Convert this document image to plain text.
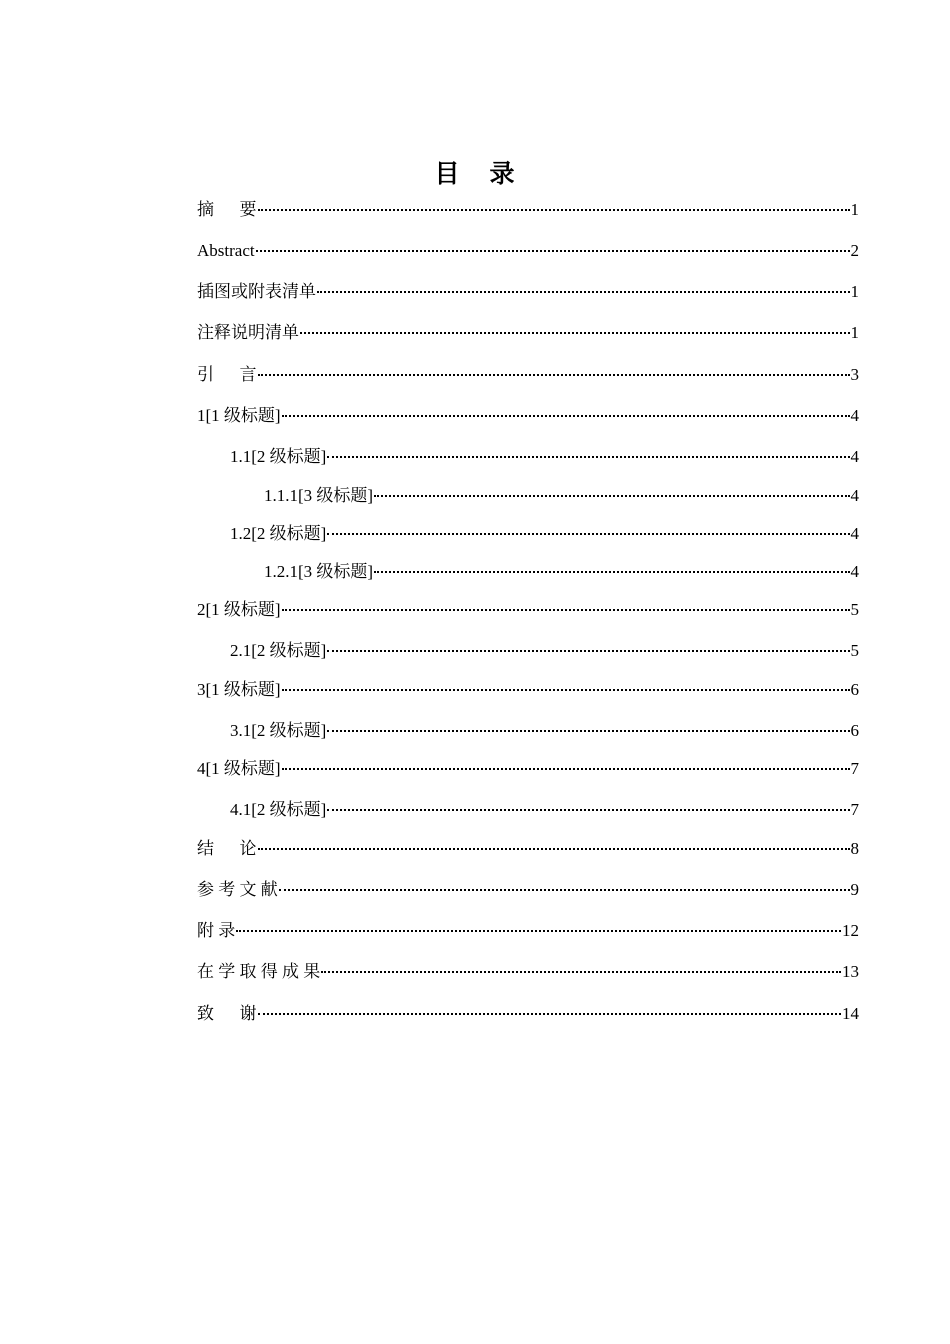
目    录
摘      要	1
Abstract	2
插图或附表清单	1
注释说明清单	1
引      言	3
1[1 级标题]	4
1.1[2 级标题]	4
1.1.1[3 级标题]	4
1.2[2 级标题]	4
1.2.1[3 级标题]	4
2[1 级标题]	5
2.1[2 级标题]	5
3[1 级标题]	6
3.1[2 级标题]	6
4[1 级标题]	7
4.1[2 级标题]	7
结      论	8
参 考 文 献	9
附 录	12
在 学 取 得 成 果	13
致      谢	14
